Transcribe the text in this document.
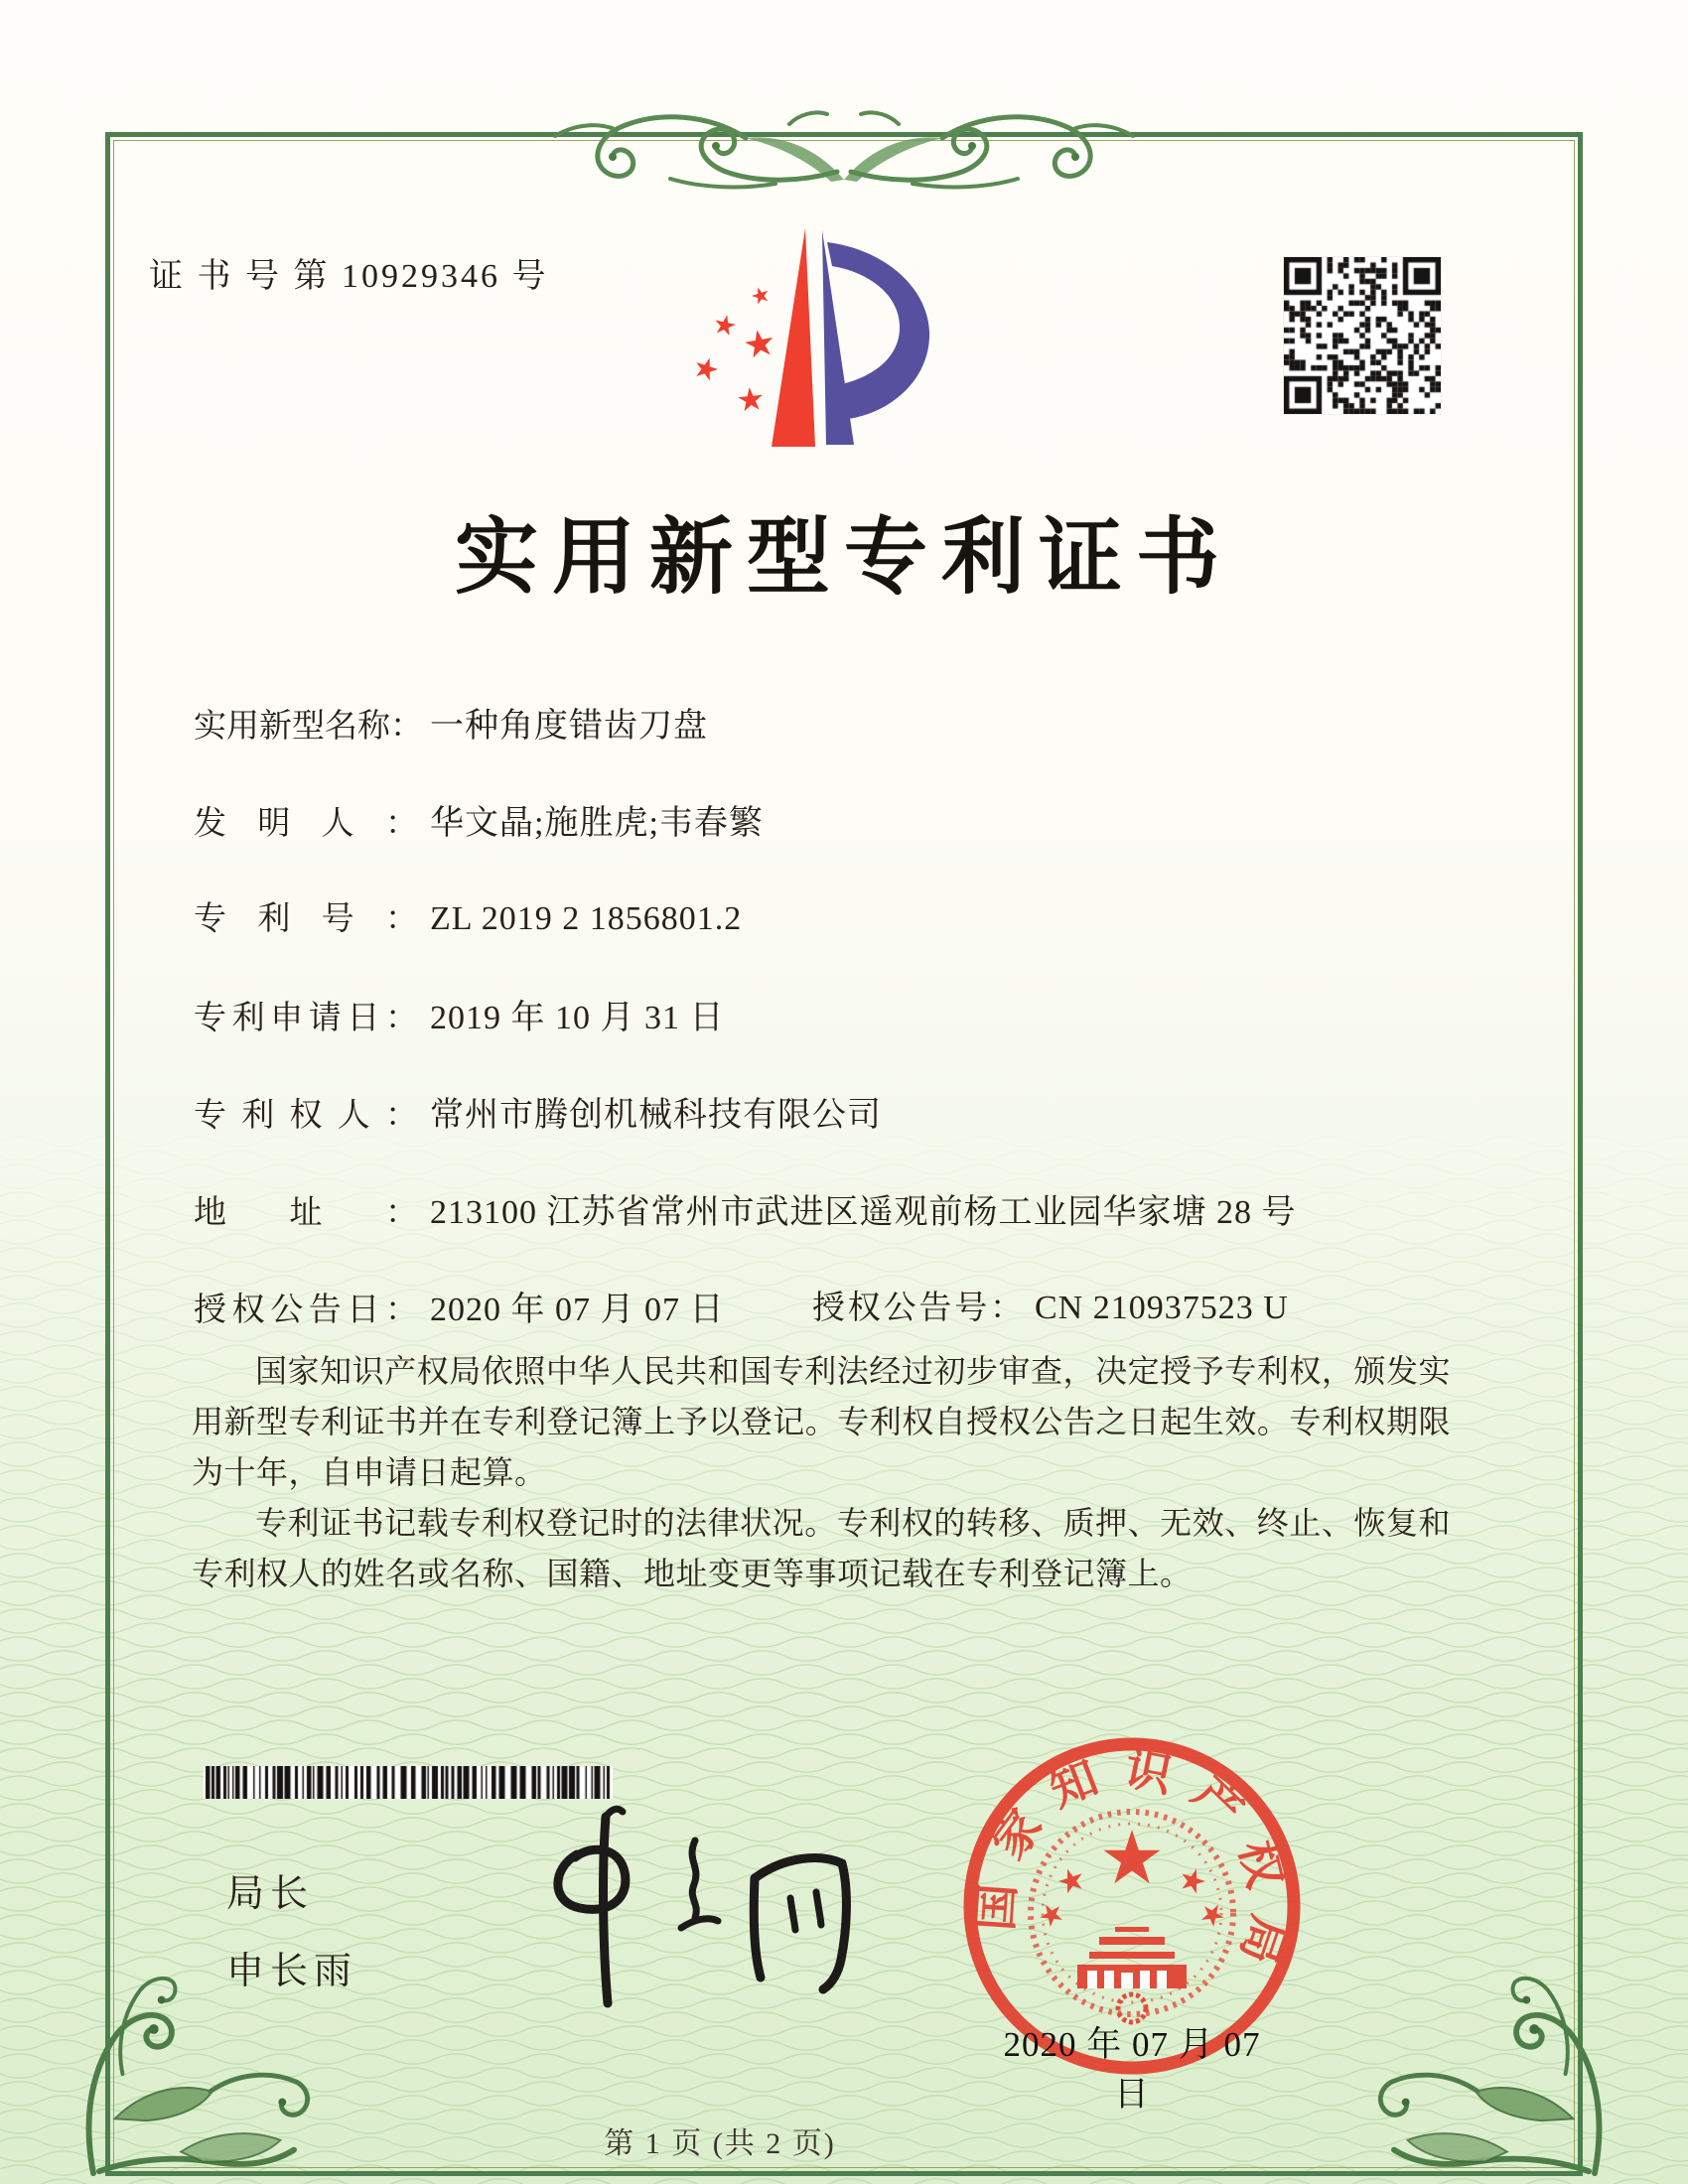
证 书 号 第 10929346 号
实用新型专利证书
实用新型名称： 一种角度错齿刀盘
发明人： 华文晶;施胜虎;韦春繁
专利号： ZL 2019 2 1856801.2
专利申请日： 2019 年 10 月 31 日
专利权人： 常州市腾创机械科技有限公司
地址： 213100 江苏省常州市武进区遥观前杨工业园华家塘 28 号
授权公告日： 2020 年 07 月 07 日	授权公告号： CN 210937523 U

国家知识产权局依照中华人民共和国专利法经过初步审查，决定授予专利权，颁发实用新型专利证书并在专利登记簿上予以登记。专利权自授权公告之日起生效。专利权期限为十年，自申请日起算。

专利证书记载专利权登记时的法律状况。专利权的转移、质押、无效、终止、恢复和专利权人的姓名或名称、国籍、地址变更等事项记载在专利登记簿上。

局长
申长雨
国家知识产权局
2020 年 07 月 07 日
第 1 页 (共 2 页)
